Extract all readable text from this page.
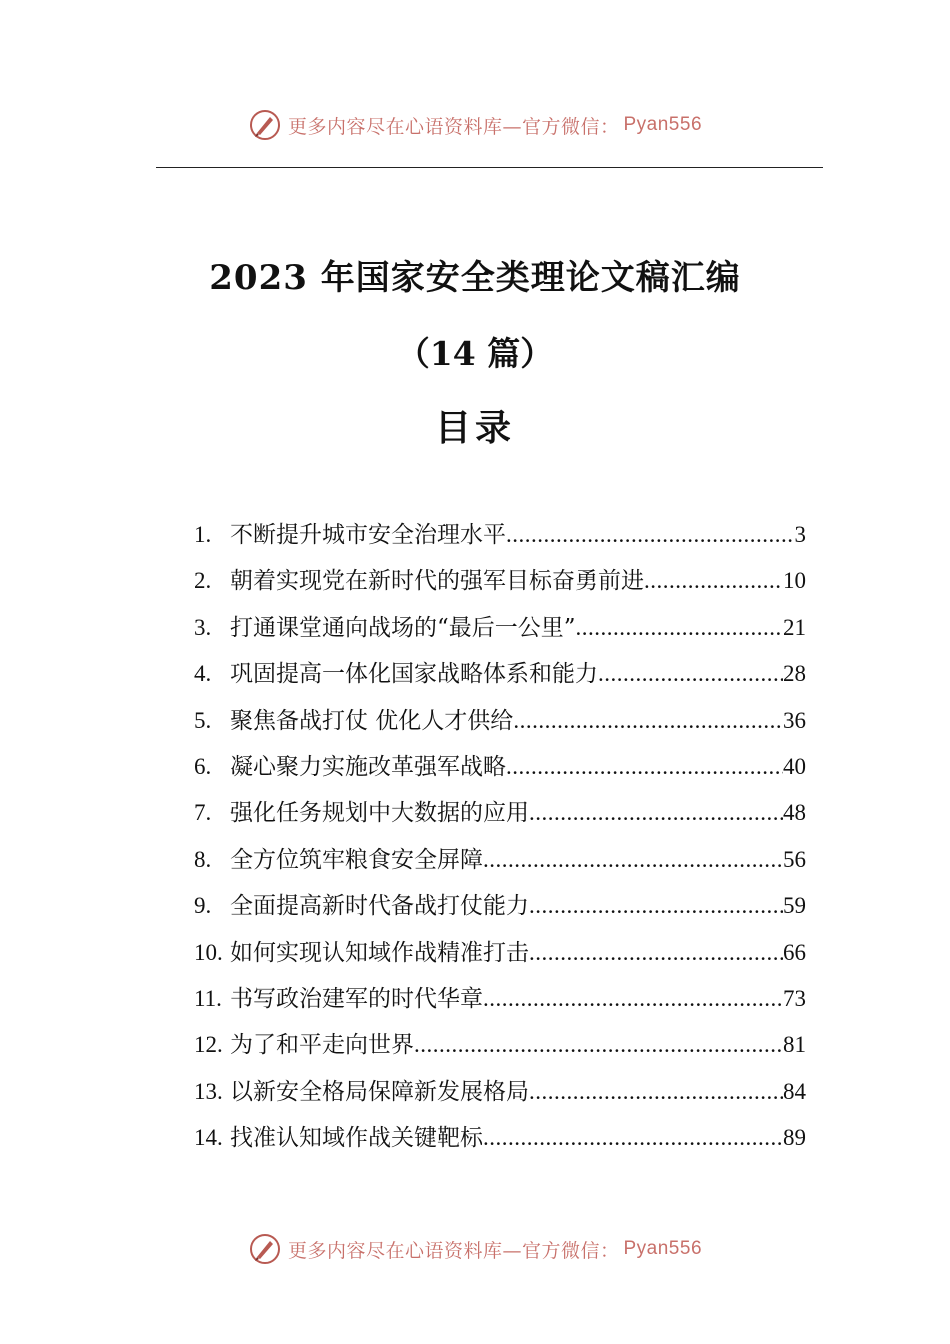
更多内容尽在心语资料库—官方微信： Pyan556
2023 年国家安全类理论文稿汇编
（14 篇）
目录
1. 不断提升城市安全治理水平 .....	3
2. 朝着实现党在新时代的强军目标奋勇前进 .....	10
3. 打通课堂通向战场的“最后一公里” .....	21
4. 巩固提高一体化国家战略体系和能力 .....	28
5. 聚焦备战打仗 优化人才供给 .....	36
6. 凝心聚力实施改革强军战略 .....	40
7. 强化任务规划中大数据的应用 .....	48
8. 全方位筑牢粮食安全屏障 .....	56
9. 全面提高新时代备战打仗能力 .....	59
10. 如何实现认知域作战精准打击 .....	66
11. 书写政治建军的时代华章 .....	73
12. 为了和平走向世界 .....	81
13. 以新安全格局保障新发展格局 .....	84
14. 找准认知域作战关键靶标 .....	89
更多内容尽在心语资料库—官方微信： Pyan556
